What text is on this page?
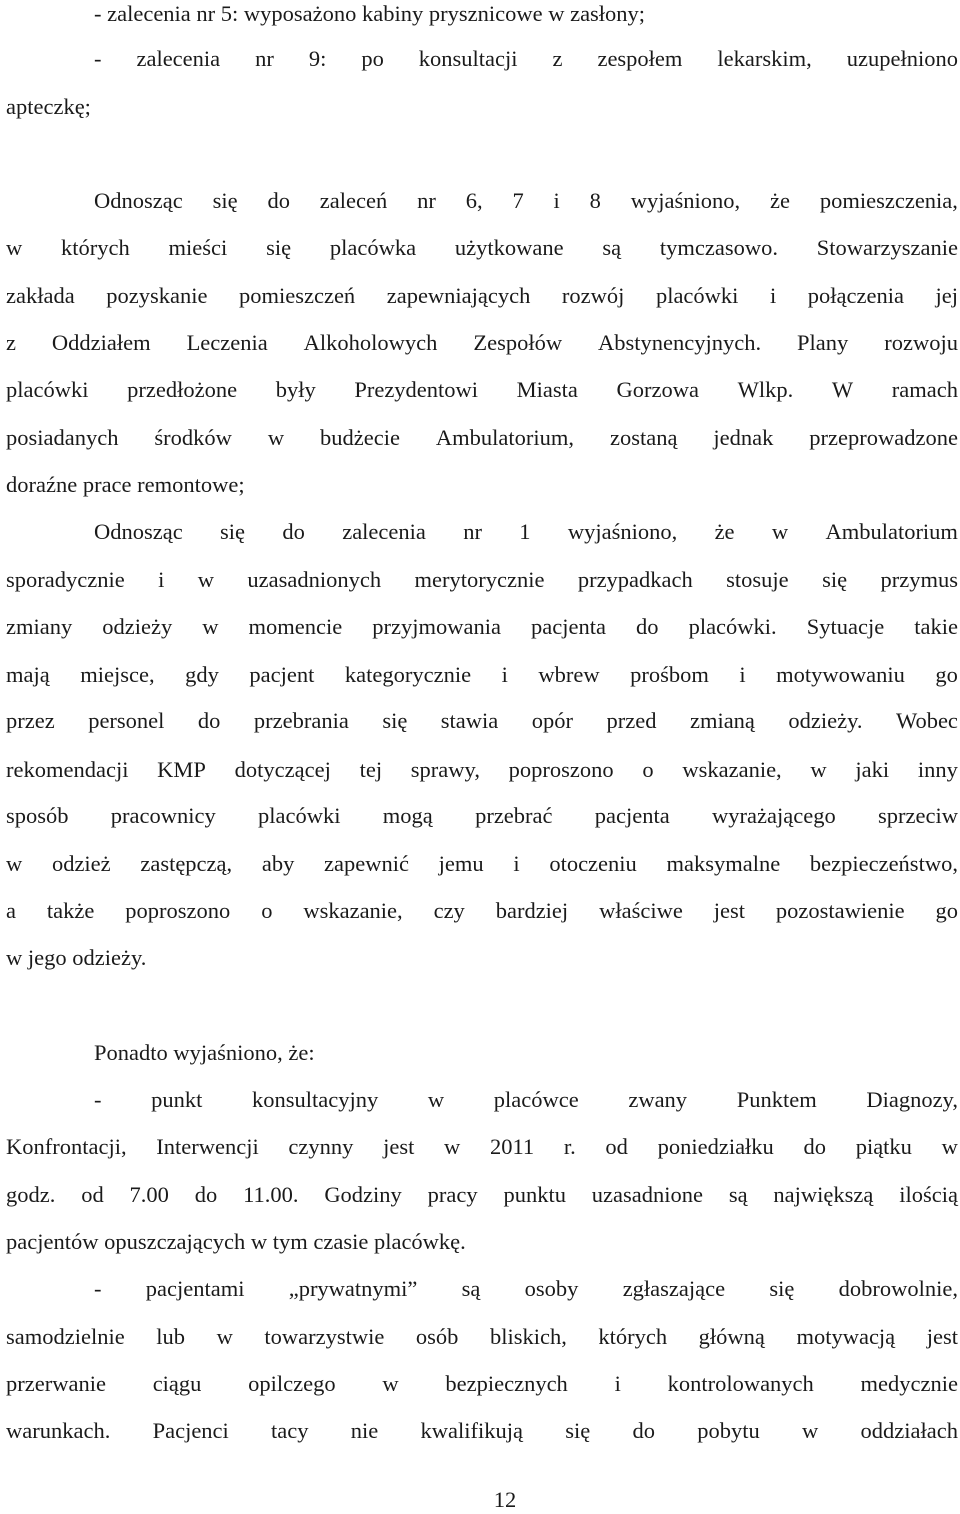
- zalecenia nr 5: wyposażono kabiny prysznicowe w zasłony;
- zalecenia nr 9: po konsultacji z zespołem lekarskim, uzupełniono
apteczkę;
Odnosząc się do zaleceń nr 6, 7 i 8 wyjaśniono, że pomieszczenia,
w których mieści się placówka użytkowane są tymczasowo. Stowarzyszanie
zakłada pozyskanie pomieszczeń zapewniających rozwój placówki i połączenia jej
z Oddziałem Leczenia Alkoholowych Zespołów Abstynencyjnych. Plany rozwoju
placówki przedłożone były Prezydentowi Miasta Gorzowa Wlkp. W ramach
posiadanych środków w budżecie Ambulatorium, zostaną jednak przeprowadzone
doraźne prace remontowe;
Odnosząc się do zalecenia nr 1 wyjaśniono, że w Ambulatorium
sporadycznie i w uzasadnionych merytorycznie przypadkach stosuje się przymus
zmiany odzieży w momencie przyjmowania pacjenta do placówki. Sytuacje takie
mają miejsce, gdy pacjent kategorycznie i wbrew prośbom i motywowaniu go
przez personel do przebrania się stawia opór przed zmianą odzieży. Wobec
rekomendacji KMP dotyczącej tej sprawy, poproszono o wskazanie, w jaki inny
sposób pracownicy placówki mogą przebrać pacjenta wyrażającego sprzeciw
w odzież zastępczą, aby zapewnić jemu i otoczeniu maksymalne bezpieczeństwo,
a także poproszono o wskazanie, czy bardziej właściwe jest pozostawienie go
w jego odzieży.
Ponadto wyjaśniono, że:
- punkt konsultacyjny w placówce zwany Punktem Diagnozy,
Konfrontacji, Interwencji czynny jest w 2011 r. od poniedziałku do piątku w
godz. od 7.00 do 11.00. Godziny pracy punktu uzasadnione są największą ilością
pacjentów opuszczających w tym czasie placówkę.
- pacjentami „prywatnymi” są osoby zgłaszające się dobrowolnie,
samodzielnie lub w towarzystwie osób bliskich, których główną motywacją jest
przerwanie ciągu opilczego w bezpiecznych i kontrolowanych medycznie
warunkach. Pacjenci tacy nie kwalifikują się do pobytu w oddziałach
12
